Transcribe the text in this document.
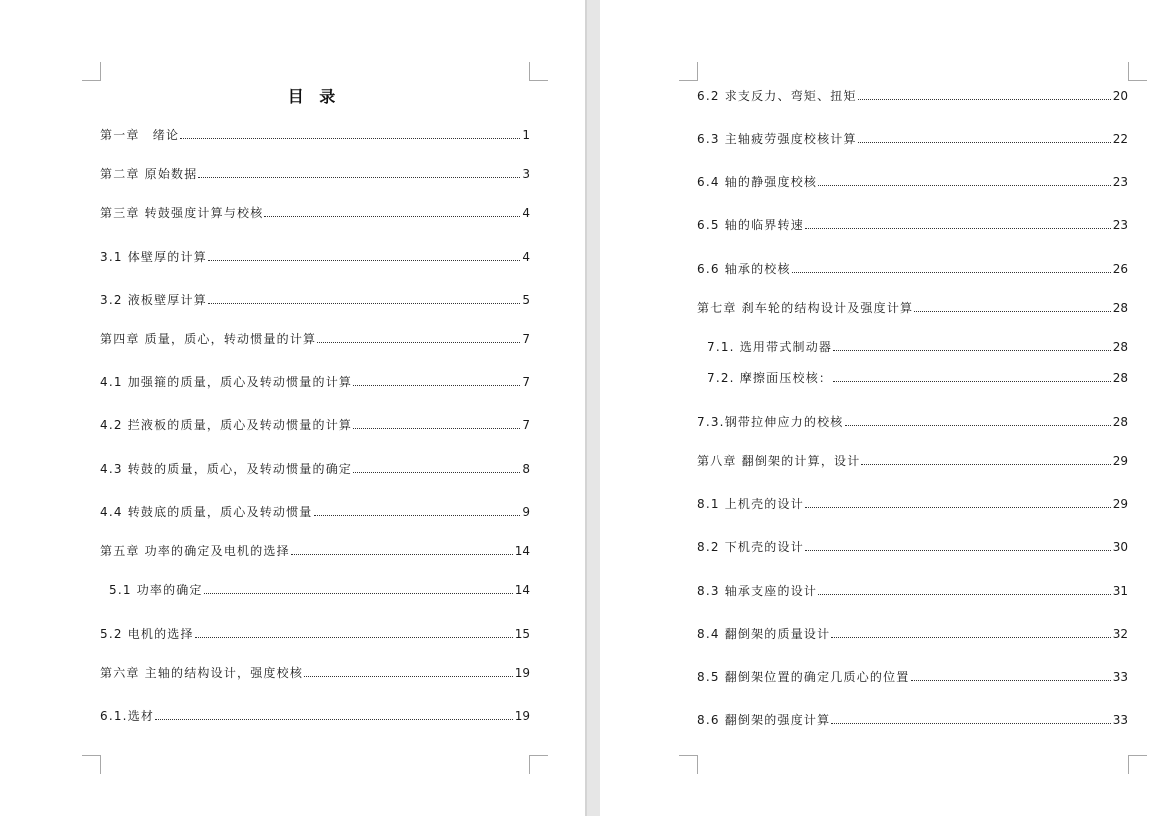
目 录
第一章　绪论	1
第二章 原始数据	3
第三章 转鼓强度计算与校核	4
3.1 体壁厚的计算	4
3.2 液板壁厚计算	5
第四章 质量，质心，转动惯量的计算	7
4.1 加强箍的质量，质心及转动惯量的计算	7
4.2 拦液板的质量，质心及转动惯量的计算	7
4.3 转鼓的质量，质心，及转动惯量的确定	8
4.4 转鼓底的质量，质心及转动惯量	9
第五章 功率的确定及电机的选择	14
5.1 功率的确定	14
5.2 电机的选择	15
第六章 主轴的结构设计，强度校核	19
6.1.选材	19
6.2 求支反力、弯矩、扭矩	20
6.3 主轴疲劳强度校核计算	22
6.4 轴的静强度校核	23
6.5 轴的临界转速	23
6.6 轴承的校核	26
第七章 刹车轮的结构设计及强度计算	28
7.1. 选用带式制动器	28
7.2. 摩擦面压校核：	28
7.3.钢带拉伸应力的校核	28
第八章 翻倒架的计算，设计	29
8.1 上机壳的设计	29
8.2 下机壳的设计	30
8.3 轴承支座的设计	31
8.4 翻倒架的质量设计	32
8.5 翻倒架位置的确定几质心的位置	33
8.6 翻倒架的强度计算	33
